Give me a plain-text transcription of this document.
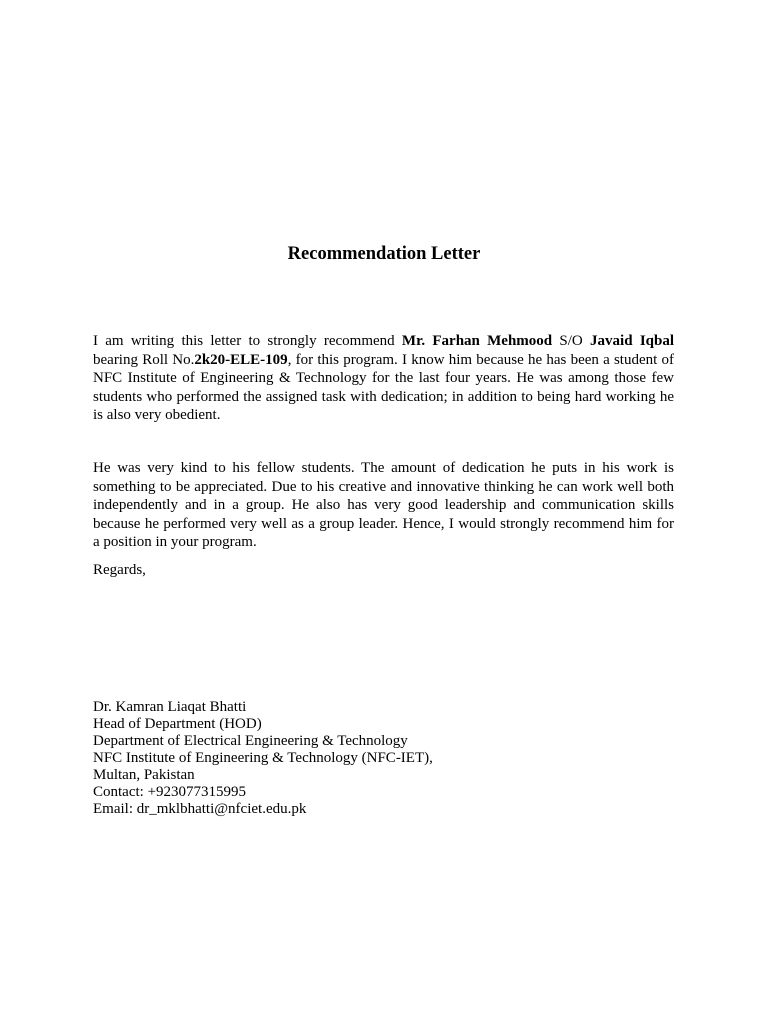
Recommendation Letter

I am writing this letter to strongly recommend Mr. Farhan Mehmood S/O Javaid Iqbal bearing Roll No.2k20-ELE-109, for this program. I know him because he has been a student of NFC Institute of Engineering & Technology for the last four years. He was among those few students who performed the assigned task with dedication; in addition to being hard working he is also very obedient.

He was very kind to his fellow students. The amount of dedication he puts in his work is something to be appreciated. Due to his creative and innovative thinking he can work well both independently and in a group. He also has very good leadership and communication skills because he performed very well as a group leader. Hence, I would strongly recommend him for a position in your program.

Regards,

Dr. Kamran Liaqat Bhatti
Head of Department (HOD)
Department of Electrical Engineering & Technology
NFC Institute of Engineering & Technology (NFC-IET),
Multan, Pakistan
Contact: +923077315995
Email: dr_mklbhatti@nfciet.edu.pk
